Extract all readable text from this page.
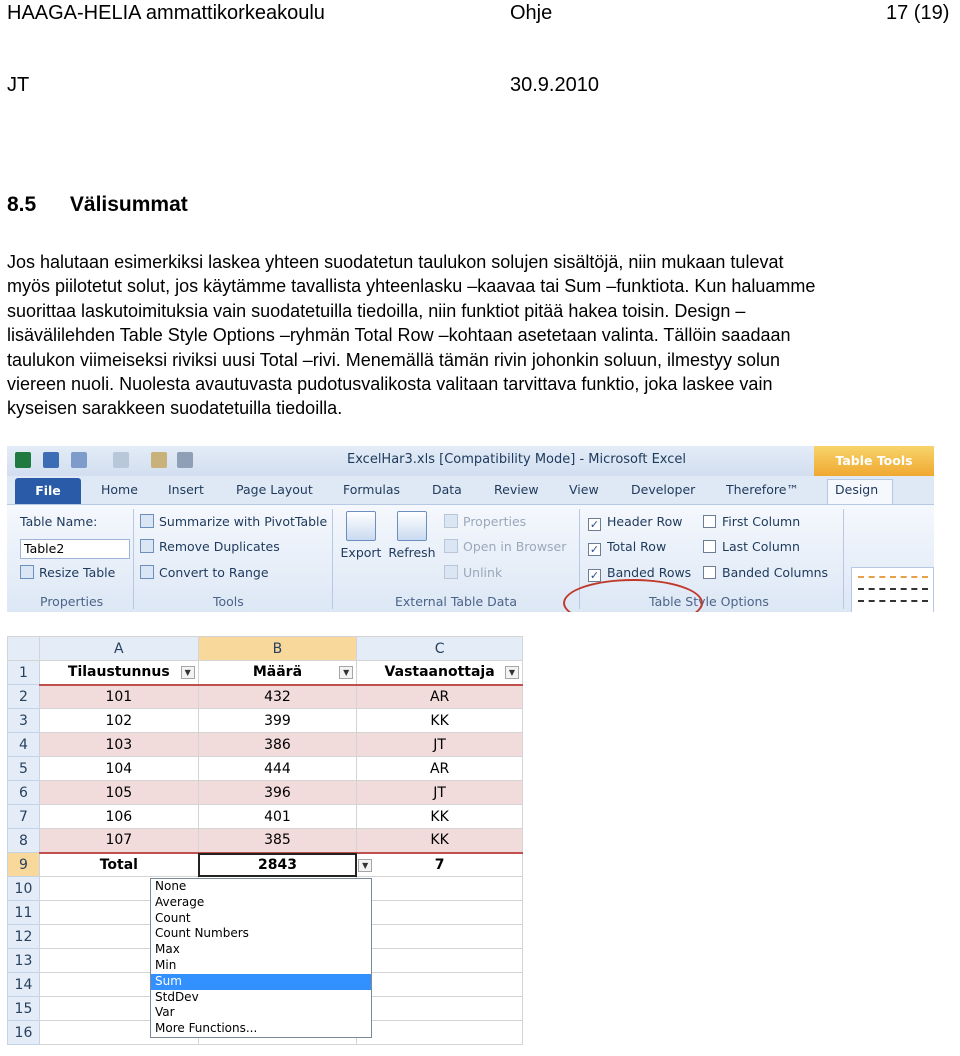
HAAGA-HELIA ammattikorkeakoulu	Ohje	17 (19)
JT	30.9.2010
8.5 Välisummat
Jos halutaan esimerkiksi laskea yhteen suodatetun taulukon solujen sisältöjä, niin mukaan tulevat
myös piilotetut solut, jos käytämme tavallista yhteenlasku –kaavaa tai Sum –funktiota. Kun haluamme
suorittaa laskutoimituksia vain suodatetuilla tiedoilla, niin funktiot pitää hakea toisin. Design –
lisävälilehden Table Style Options –ryhmän Total Row –kohtaan asetetaan valinta. Tällöin saadaan
taulukon viimeiseksi riviksi uusi Total –rivi. Menemällä tämän rivin johonkin soluun, ilmestyy solun
viereen nuoli. Nuolesta avautuvasta pudotusvalikosta valitaan tarvittava funktio, joka laskee vain
kyseisen sarakkeen suodatetuilla tiedoilla.
ExcelHar3.xls [Compatibility Mode] - Microsoft Excel	Table Tools
File	Home Insert	Page Layout Formulas	Data	Review View	Developer Therefore™	Design
Table Name:
Table2
Resize Table
Properties
Summarize with PivotTable
Remove Duplicates
Convert to Range
Tools
Export Refresh
Properties
Open in Browser
Unlink
External Table Data
✓ Header Row
✓ Total Row
✓ Banded Rows
First Column
Last Column
Banded Columns
Table Style Options
	A	B	C
1	Tilaustunnus ▼	Määrä ▼	Vastaanottaja ▼

2	101	432	AR
3	102	399	KK
4	103	386	JT
5	104	444	AR
6	105	396	JT
7	106	401	KK
8	107	385	KK
9	Total	2843	▼ 7
10			
11			
12			
13			
14			
15			
16			
None
Average
Count
Count Numbers
Max
Min
Sum
StdDev
Var
More Functions...
